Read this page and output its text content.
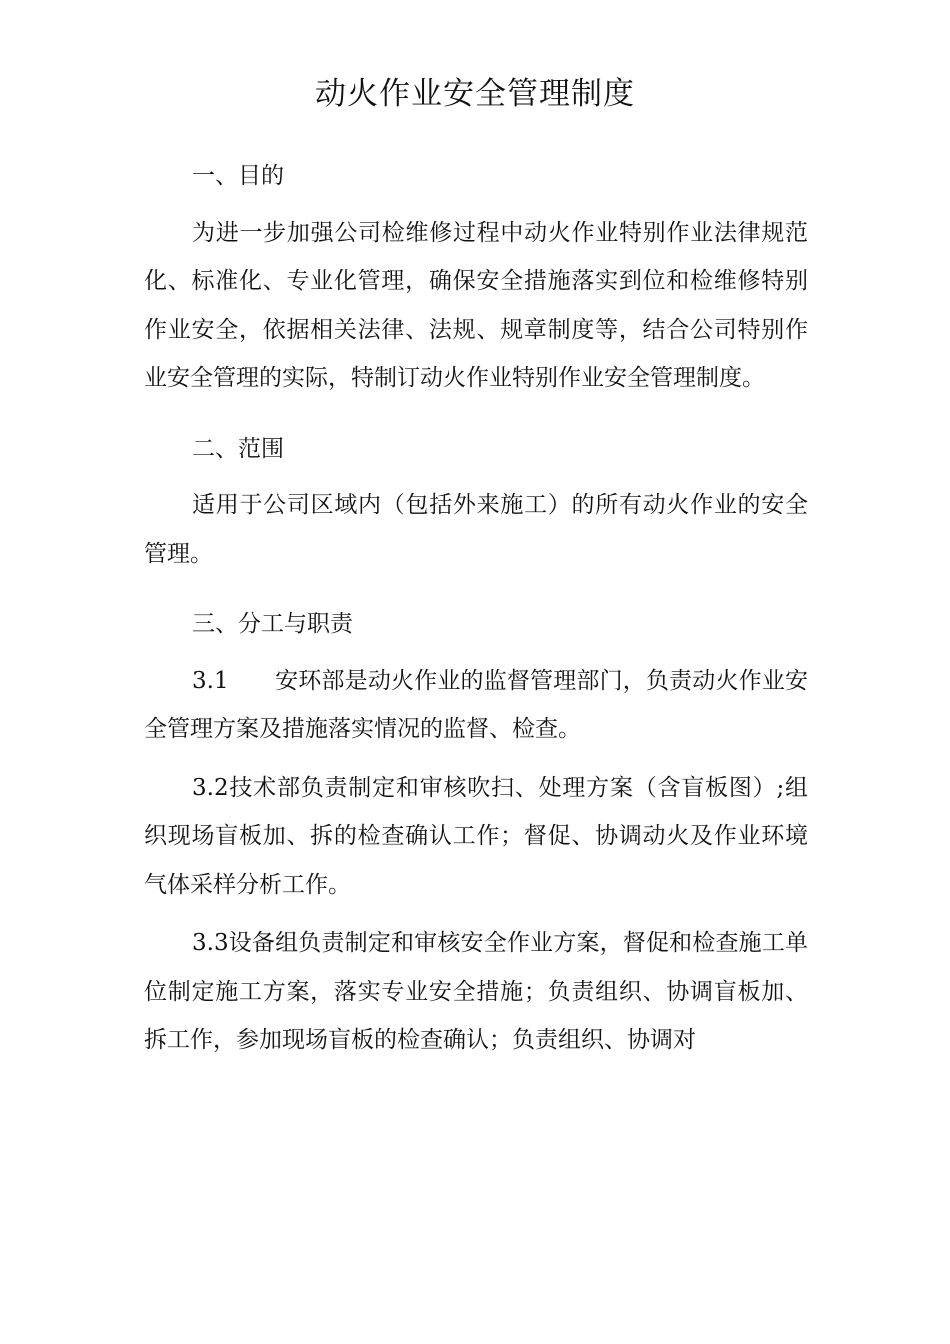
动火作业安全管理制度

一、目的

为进一步加强公司检维修过程中动火作业特别作业法律规范化、标准化、专业化管理，确保安全措施落实到位和检维修特别作业安全，依据相关法律、法规、规章制度等，结合公司特别作业安全管理的实际，特制订动火作业特别作业安全管理制度。

二、范围

适用于公司区域内（包括外来施工）的所有动火作业的安全管理。

三、分工与职责

3.1　　安环部是动火作业的监督管理部门，负责动火作业安全管理方案及措施落实情况的监督、检查。

3.2技术部负责制定和审核吹扫、处理方案（含盲板图）;组织现场盲板加、拆的检查确认工作；督促、协调动火及作业环境气体采样分析工作。

3.3设备组负责制定和审核安全作业方案，督促和检查施工单位制定施工方案，落实专业安全措施；负责组织、协调盲板加、拆工作，参加现场盲板的检查确认；负责组织、协调对
